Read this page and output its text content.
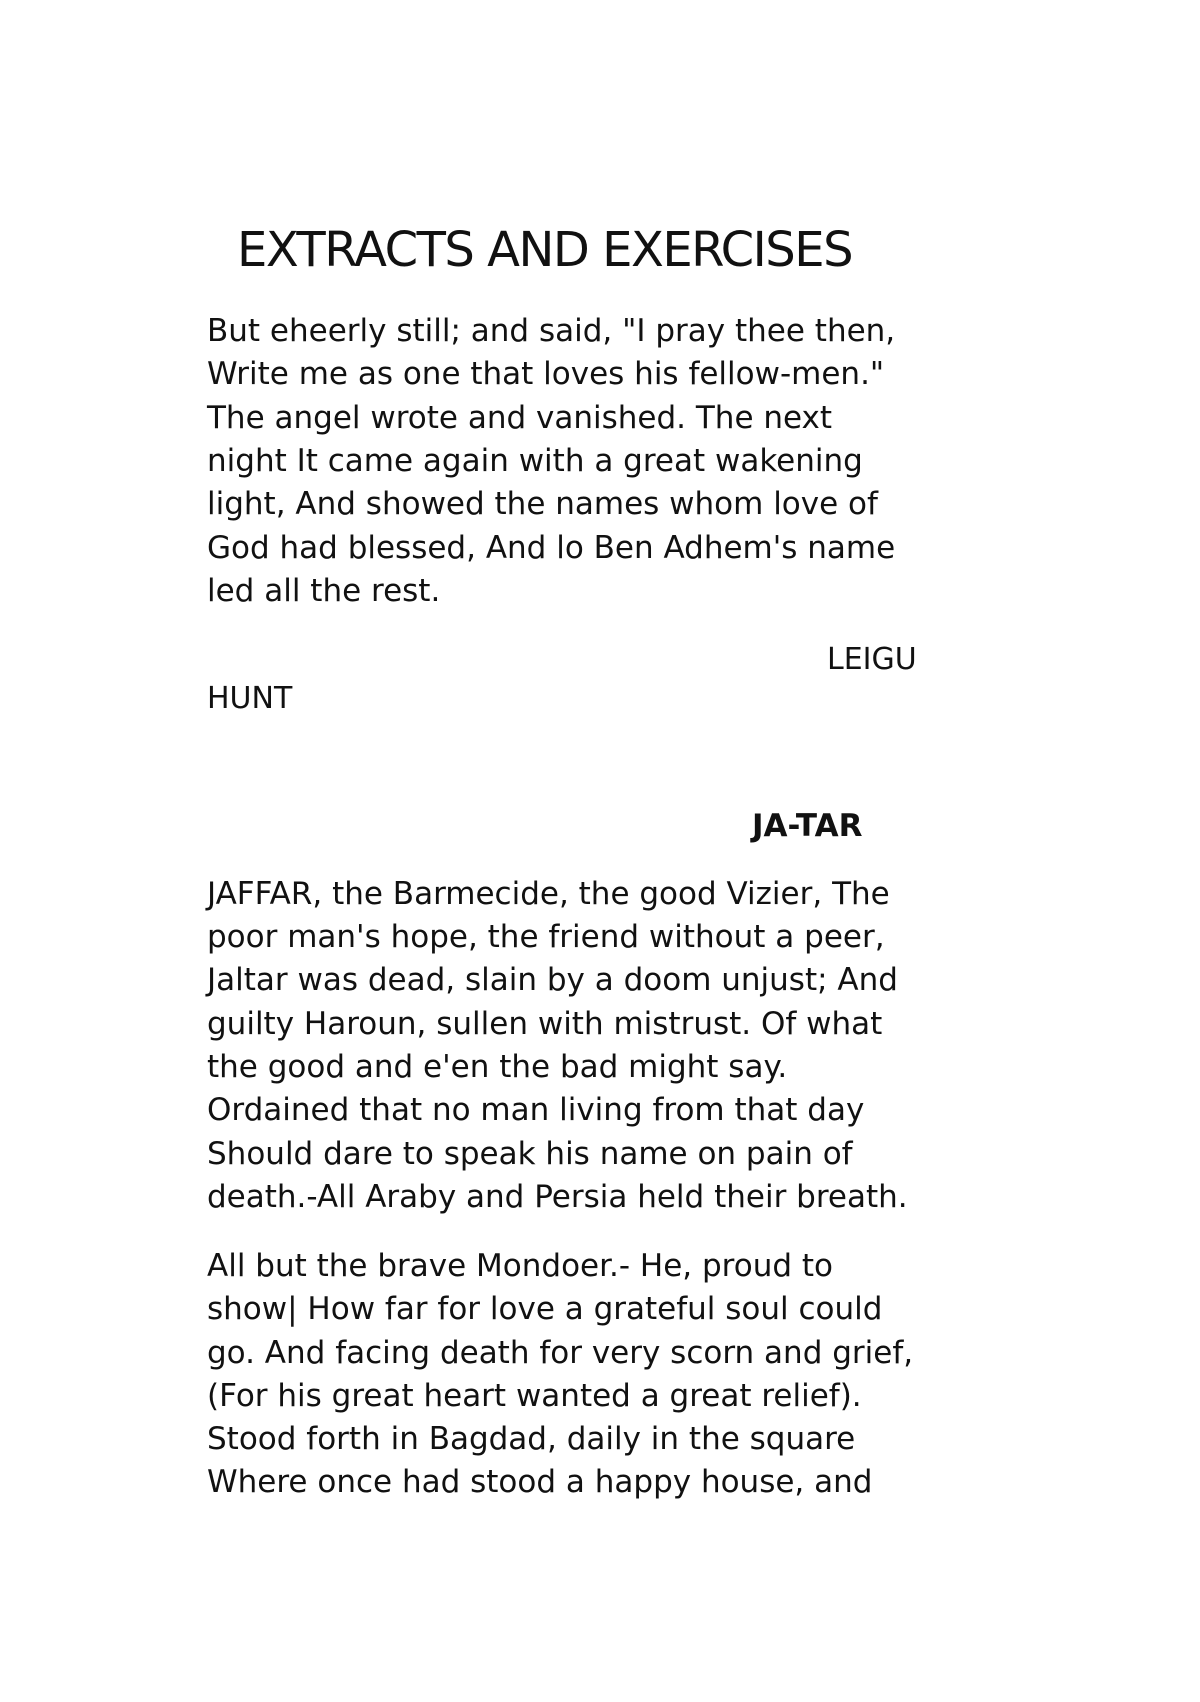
EXTRACTS AND EXERCISES

But eheerly still; and said, "I pray thee then,

Write me as one that loves his fellow-men."

The angel wrote and vanished. The next

night It came again with a great wakening

light, And showed the names whom love of

God had blessed, And lo Ben Adhem's name

led all the rest.

LEIGU

HUNT

JA-TAR

JAFFAR, the Barmecide, the good Vizier, The

poor man's hope, the friend without a peer,

Jaltar was dead, slain by a doom unjust; And

guilty Haroun, sullen with mistrust. Of what

the good and e'en the bad might say.

Ordained that no man living from that day

Should dare to speak his name on pain of

death.-All Araby and Persia held their breath.

All but the brave Mondoer.- He, proud to

show| How far for love a grateful soul could

go. And facing death for very scorn and grief,

(For his great heart wanted a great relief).

Stood forth in Bagdad, daily in the square

Where once had stood a happy house, and
